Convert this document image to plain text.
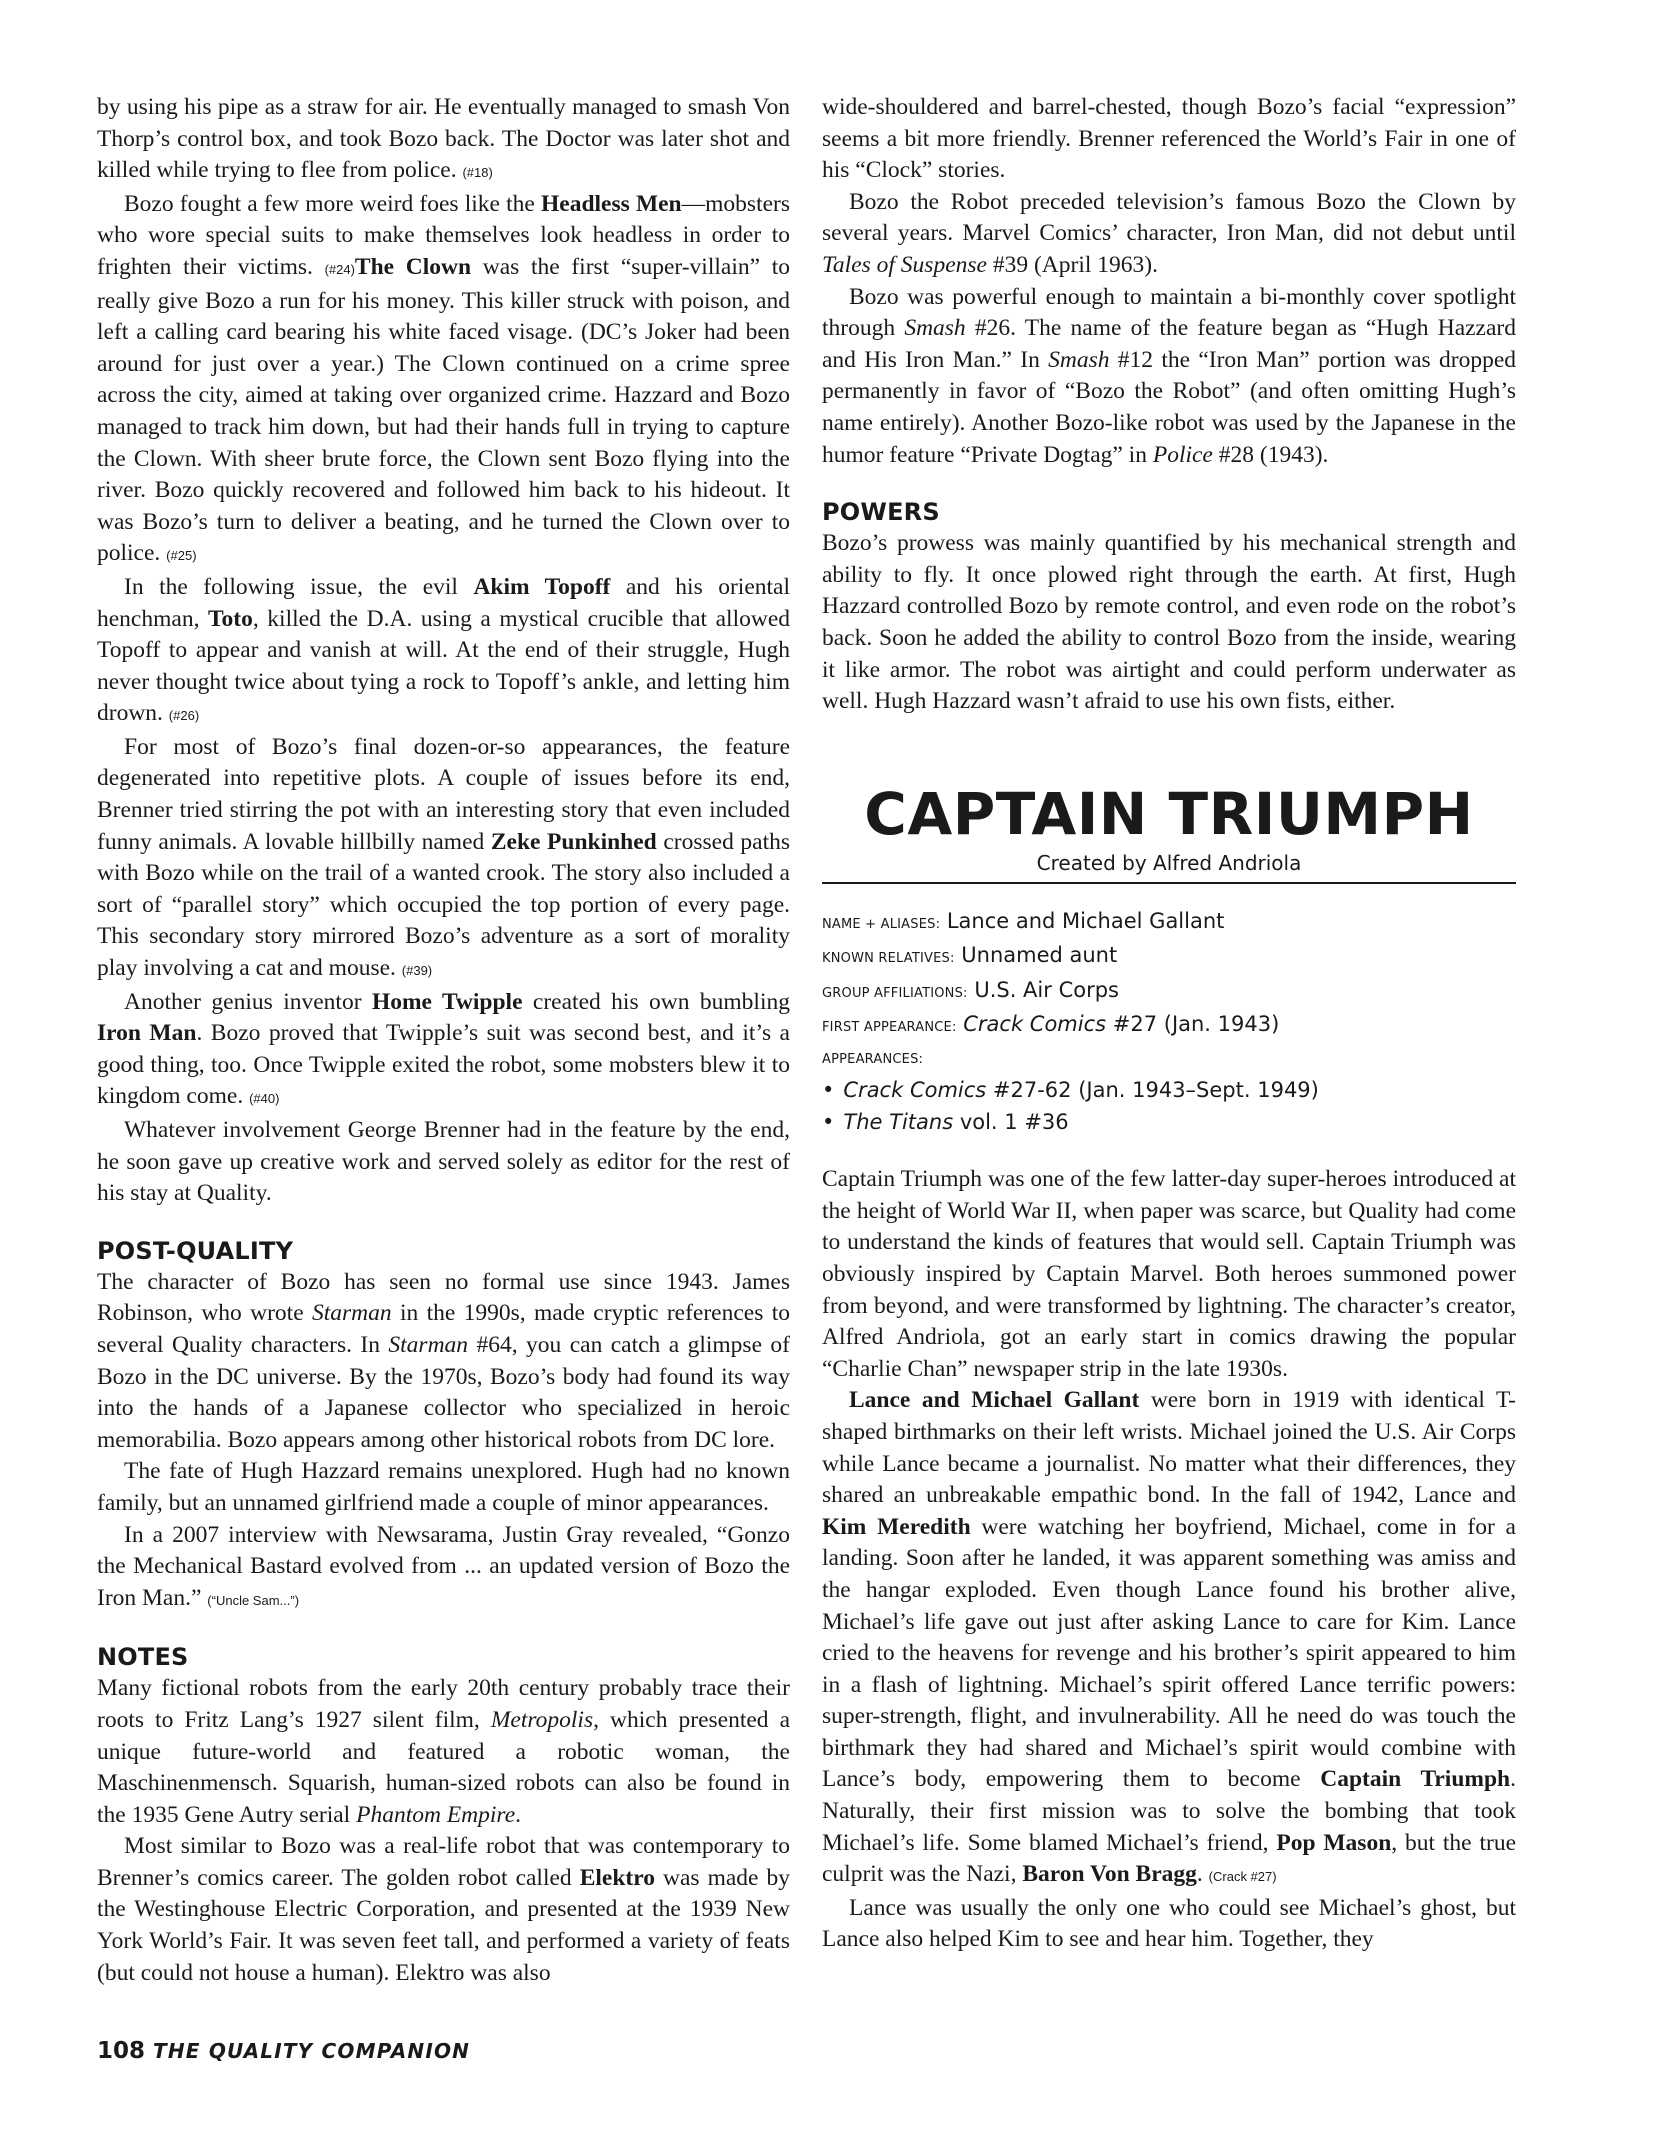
by using his pipe as a straw for air. He eventually managed to smash Von Thorp’s control box, and took Bozo back. The Doctor was later shot and killed while trying to flee from police. (#18)

Bozo fought a few more weird foes like the Headless Men—mobsters who wore special suits to make themselves look headless in order to frighten their victims. (#24)The Clown was the first “super-villain” to really give Bozo a run for his money. This killer struck with poison, and left a calling card bearing his white faced visage. (DC’s Joker had been around for just over a year.) The Clown continued on a crime spree across the city, aimed at taking over organized crime. Hazzard and Bozo managed to track him down, but had their hands full in trying to capture the Clown. With sheer brute force, the Clown sent Bozo flying into the river. Bozo quickly recovered and followed him back to his hideout. It was Bozo’s turn to deliver a beating, and he turned the Clown over to police. (#25)

In the following issue, the evil Akim Topoff and his oriental henchman, Toto, killed the D.A. using a mystical crucible that allowed Topoff to appear and vanish at will. At the end of their struggle, Hugh never thought twice about tying a rock to Topoff’s ankle, and letting him drown. (#26)

For most of Bozo’s final dozen-or-so appearances, the feature degenerated into repetitive plots. A couple of issues before its end, Brenner tried stirring the pot with an interesting story that even included funny animals. A lovable hillbilly named Zeke Punkinhed crossed paths with Bozo while on the trail of a wanted crook. The story also included a sort of “parallel story” which occupied the top portion of every page. This secondary story mirrored Bozo’s adventure as a sort of morality play involving a cat and mouse. (#39)

Another genius inventor Home Twipple created his own bumbling Iron Man. Bozo proved that Twipple’s suit was second best, and it’s a good thing, too. Once Twipple exited the robot, some mobsters blew it to kingdom come. (#40)

Whatever involvement George Brenner had in the feature by the end, he soon gave up creative work and served solely as editor for the rest of his stay at Quality.

POST-QUALITY

The character of Bozo has seen no formal use since 1943. James Robinson, who wrote Starman in the 1990s, made cryptic references to several Quality characters. In Starman #64, you can catch a glimpse of Bozo in the DC universe. By the 1970s, Bozo’s body had found its way into the hands of a Japanese collector who specialized in heroic memorabilia. Bozo appears among other historical robots from DC lore.

The fate of Hugh Hazzard remains unexplored. Hugh had no known family, but an unnamed girlfriend made a couple of minor appearances.

In a 2007 interview with Newsarama, Justin Gray revealed, “Gonzo the Mechanical Bastard evolved from ... an updated version of Bozo the Iron Man.” (“Uncle Sam...”)

NOTES

Many fictional robots from the early 20th century probably trace their roots to Fritz Lang’s 1927 silent film, Metropolis, which presented a unique future-world and featured a robotic woman, the Maschinenmensch. Squarish, human-sized robots can also be found in the 1935 Gene Autry serial Phantom Empire.

Most similar to Bozo was a real-life robot that was contemporary to Brenner’s comics career. The golden robot called Elektro was made by the Westinghouse Electric Corporation, and presented at the 1939 New York World’s Fair. It was seven feet tall, and performed a variety of feats (but could not house a human). Elektro was also

wide-shouldered and barrel-chested, though Bozo’s facial “expression” seems a bit more friendly. Brenner referenced the World’s Fair in one of his “Clock” stories.

Bozo the Robot preceded television’s famous Bozo the Clown by several years. Marvel Comics’ character, Iron Man, did not debut until Tales of Suspense #39 (April 1963).

Bozo was powerful enough to maintain a bi-monthly cover spotlight through Smash #26. The name of the feature began as “Hugh Hazzard and His Iron Man.” In Smash #12 the “Iron Man” portion was dropped permanently in favor of “Bozo the Robot” (and often omitting Hugh’s name entirely). Another Bozo-like robot was used by the Japanese in the humor feature “Private Dogtag” in Police #28 (1943).

POWERS

Bozo’s prowess was mainly quantified by his mechanical strength and ability to fly. It once plowed right through the earth. At first, Hugh Hazzard controlled Bozo by remote control, and even rode on the robot’s back. Soon he added the ability to control Bozo from the inside, wearing it like armor. The robot was airtight and could perform underwater as well. Hugh Hazzard wasn’t afraid to use his own fists, either.

CAPTAIN TRIUMPH
Created by Alfred Andriola
NAME + ALIASES: Lance and Michael Gallant
KNOWN RELATIVES: Unnamed aunt
GROUP AFFILIATIONS: U.S. Air Corps
FIRST APPEARANCE: Crack Comics #27 (Jan. 1943)
APPEARANCES:
• Crack Comics #27-62 (Jan. 1943–Sept. 1949)
• The Titans vol. 1 #36

Captain Triumph was one of the few latter-day super-heroes introduced at the height of World War II, when paper was scarce, but Quality had come to understand the kinds of features that would sell. Captain Triumph was obviously inspired by Captain Marvel. Both heroes summoned power from beyond, and were transformed by lightning. The character’s creator, Alfred Andriola, got an early start in comics drawing the popular “Charlie Chan” newspaper strip in the late 1930s.

Lance and Michael Gallant were born in 1919 with identical T-shaped birthmarks on their left wrists. Michael joined the U.S. Air Corps while Lance became a journalist. No matter what their differences, they shared an unbreakable empathic bond. In the fall of 1942, Lance and Kim Meredith were watching her boyfriend, Michael, come in for a landing. Soon after he landed, it was apparent something was amiss and the hangar exploded. Even though Lance found his brother alive, Michael’s life gave out just after asking Lance to care for Kim. Lance cried to the heavens for revenge and his brother’s spirit appeared to him in a flash of lightning. Michael’s spirit offered Lance terrific powers: super-strength, flight, and invulnerability. All he need do was touch the birthmark they had shared and Michael’s spirit would combine with Lance’s body, empowering them to become Captain Triumph. Naturally, their first mission was to solve the bombing that took Michael’s life. Some blamed Michael’s friend, Pop Mason, but the true culprit was the Nazi, Baron Von Bragg. (Crack #27)

Lance was usually the only one who could see Michael’s ghost, but Lance also helped Kim to see and hear him. Together, they

108 THE QUALITY COMPANION
